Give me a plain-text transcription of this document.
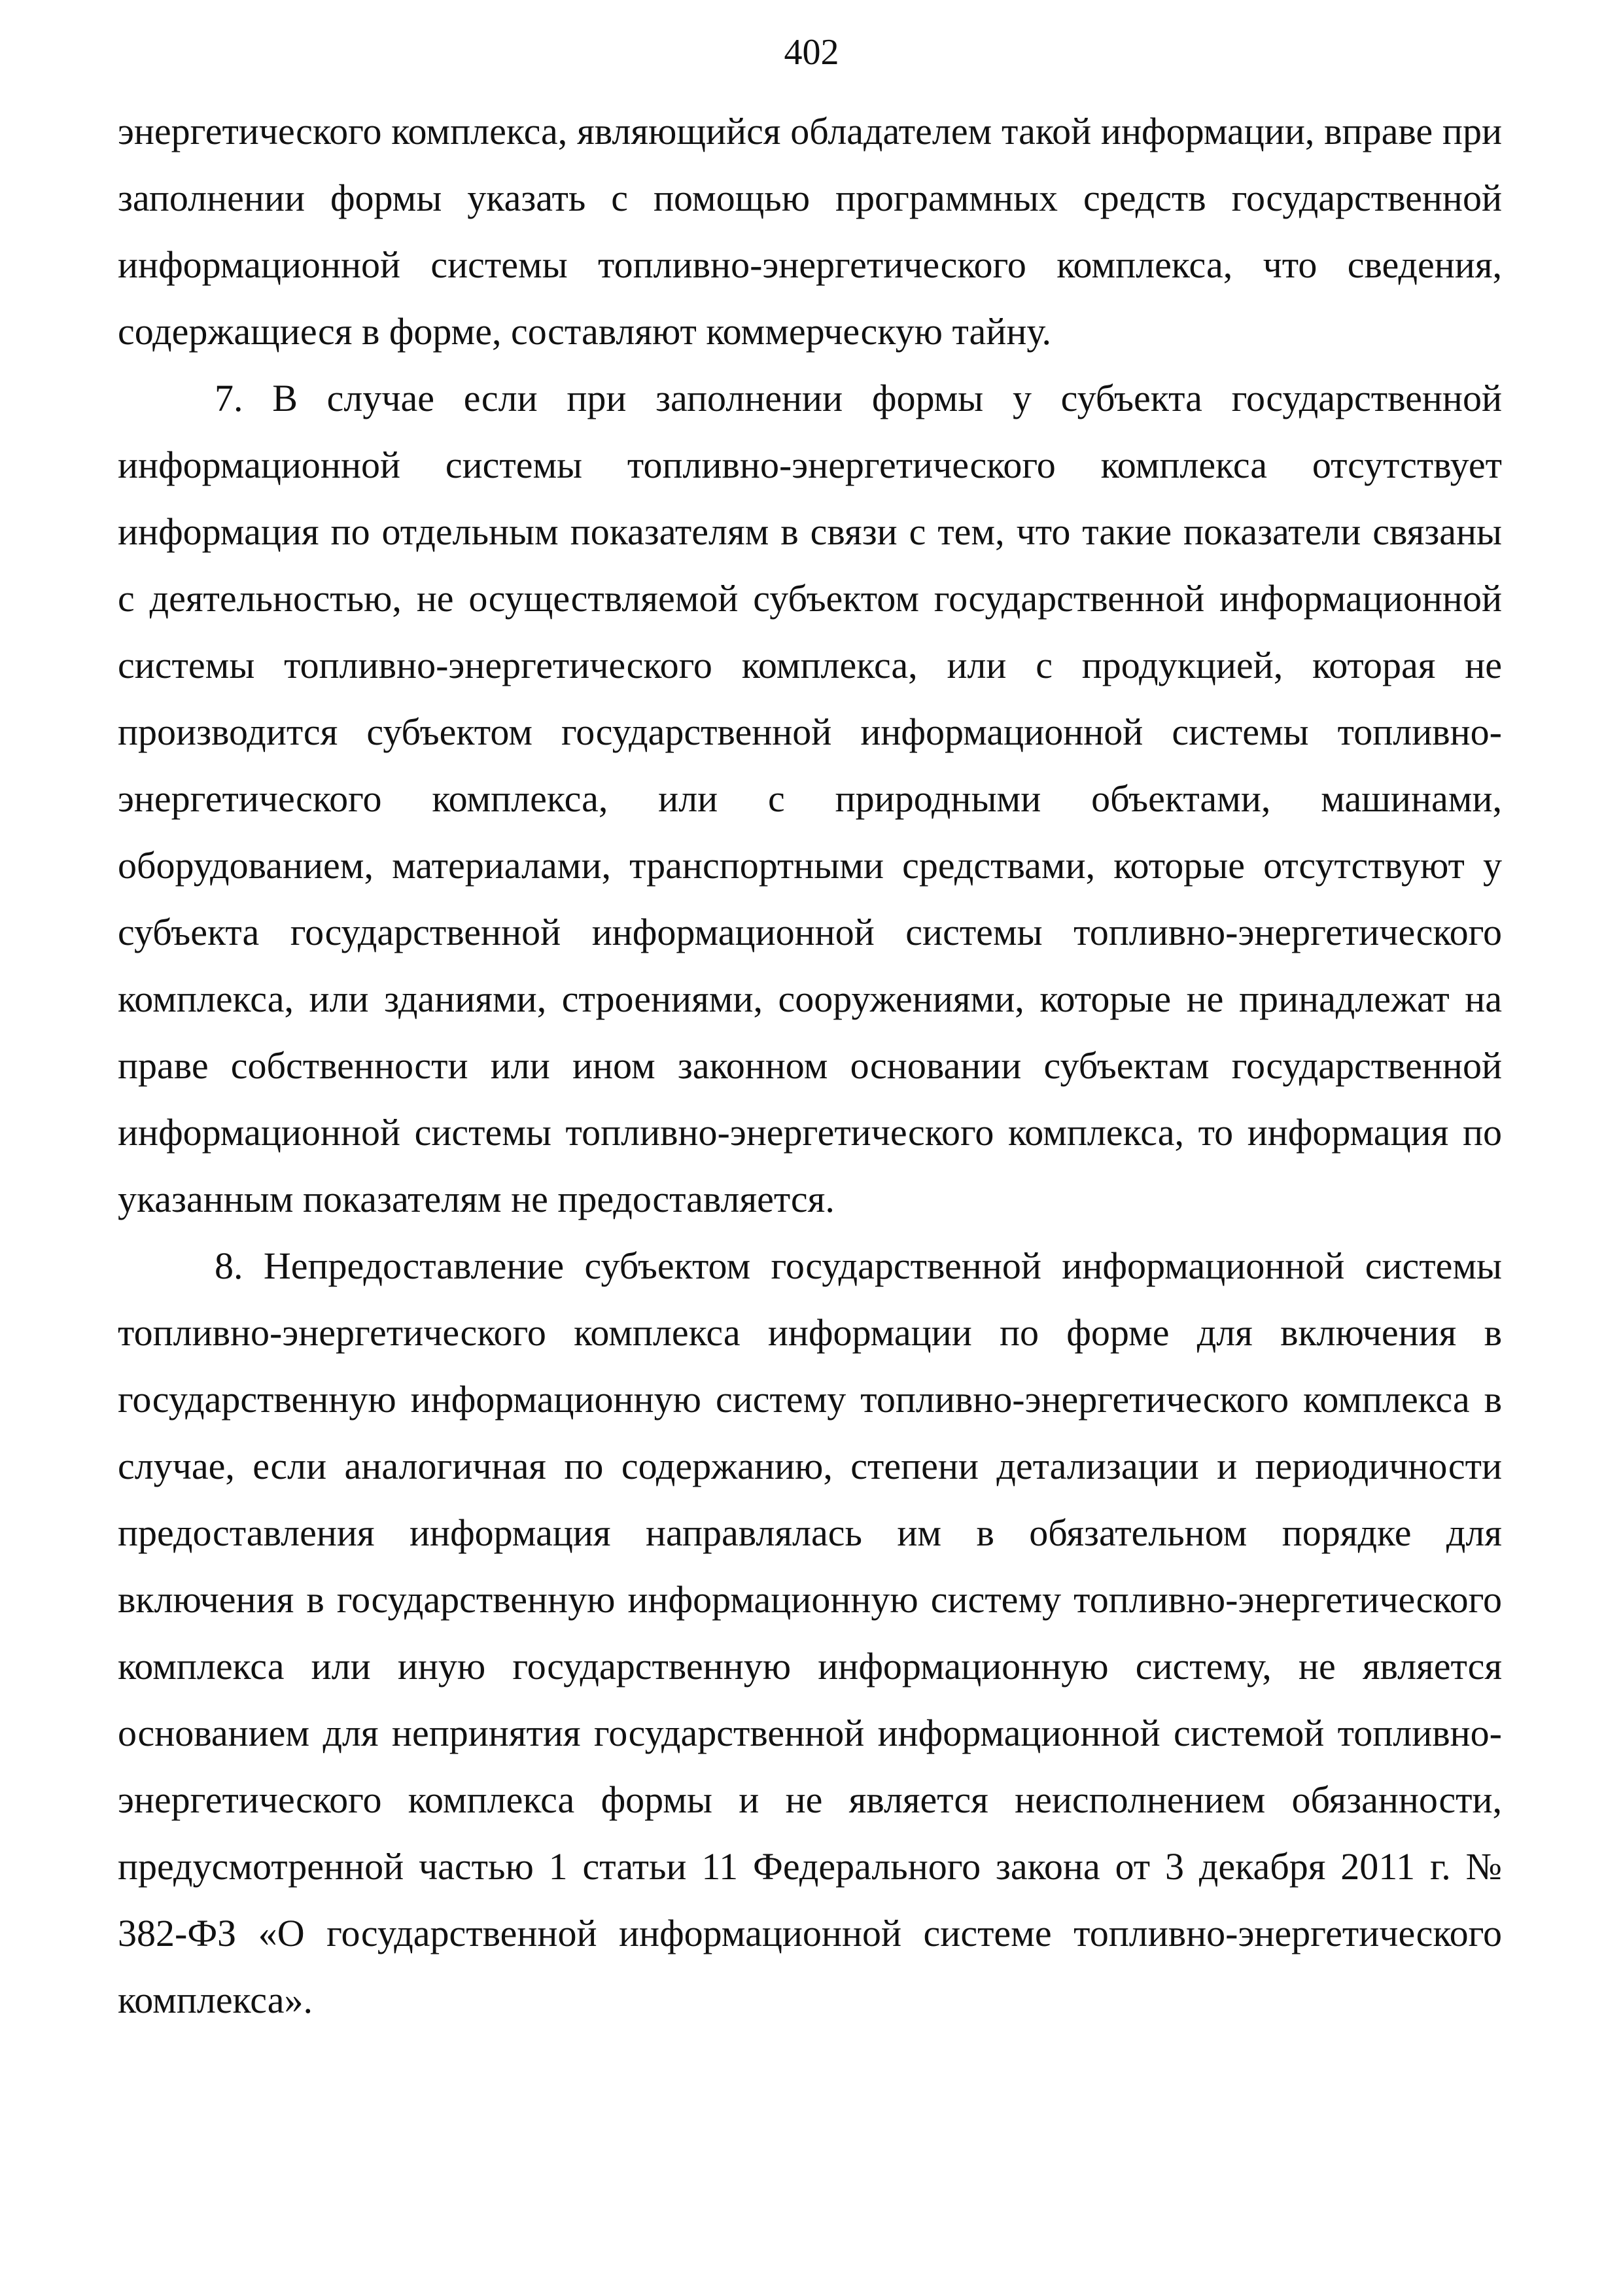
402

энергетического комплекса, являющийся обладателем такой информации, вправе при заполнении формы указать с помощью программных средств государственной информационной системы топливно-энергетического комплекса, что сведения, содержащиеся в форме, составляют коммерческую тайну.

7. В случае если при заполнении формы у субъекта государственной информационной системы топливно-энергетического комплекса отсутствует информация по отдельным показателям в связи с тем, что такие показатели связаны с деятельностью, не осуществляемой субъектом государственной информационной системы топливно-энергетического комплекса, или с продукцией, которая не производится субъектом государственной информационной системы топливно-энергетического комплекса, или с природными объектами, машинами, оборудованием, материалами, транспортными средствами, которые отсутствуют у субъекта государственной информационной системы топливно-энергетического комплекса, или зданиями, строениями, сооружениями, которые не принадлежат на праве собственности или ином законном основании субъектам государственной информационной системы топливно-энергетического комплекса, то информация по указанным показателям не предоставляется.

8. Непредоставление субъектом государственной информационной системы топливно-энергетического комплекса информации по форме для включения в государственную информационную систему топливно-энергетического комплекса в случае, если аналогичная по содержанию, степени детализации и периодичности предоставления информация направлялась им в обязательном порядке для включения в государственную информационную систему топливно-энергетического комплекса или иную государственную информационную систему, не является основанием для непринятия государственной информационной системой топливно-энергетического комплекса формы и не является неисполнением обязанности, предусмотренной частью 1 статьи 11 Федерального закона от 3 декабря 2011 г. № 382-ФЗ «О государственной информационной системе топливно-энергетического комплекса».
